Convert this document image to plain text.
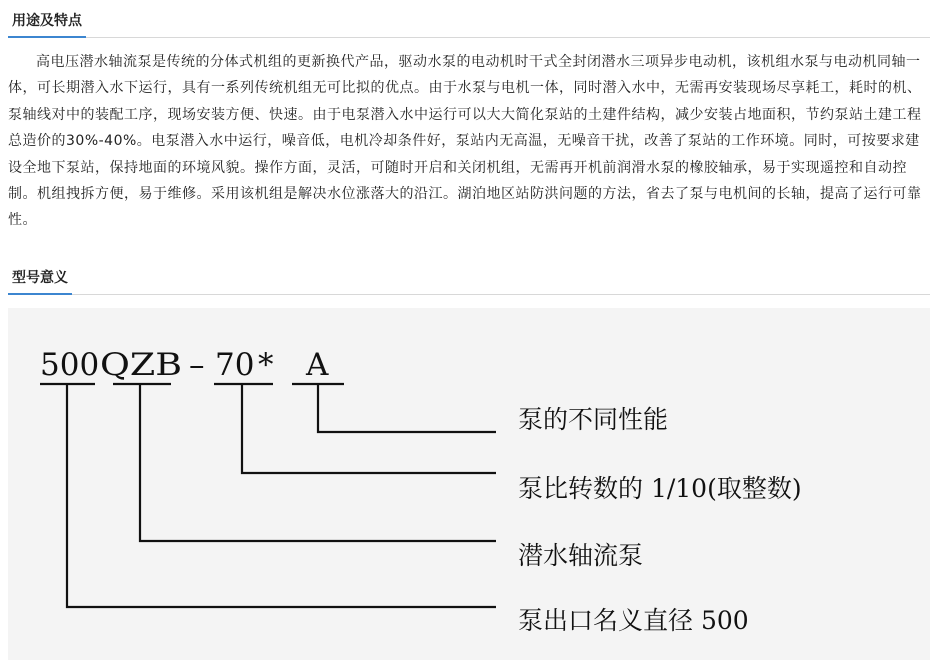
用途及特点

高电压潜水轴流泵是传统的分体式机组的更新换代产品，驱动水泵的电动机时干式全封闭潜水三项异步电动机，该机组水泵与电动机同轴一体，可长期潜入水下运行，具有一系列传统机组无可比拟的优点。由于水泵与电机一体，同时潜入水中，无需再安装现场尽享耗工，耗时的机、泵轴线对中的装配工序，现场安装方便、快速。由于电泵潜入水中运行可以大大简化泵站的土建件结构，减少安装占地面积，节约泵站土建工程总造价的30%-40%。电泵潜入水中运行，噪音低，电机冷却条件好，泵站内无高温，无噪音干扰，改善了泵站的工作环境。同时，可按要求建设全地下泵站，保持地面的环境风貌。操作方面，灵活，可随时开启和关闭机组，无需再开机前润滑水泵的橡胶轴承，易于实现遥控和自动控制。机组拽拆方便，易于维修。采用该机组是解决水位涨落大的沿江。湖泊地区站防洪问题的方法，省去了泵与电机间的长轴，提高了运行可靠性。

型号意义
500 QZB – 70 * A
泵的不同性能
泵比转数的 1/10(取整数)
潜水轴流泵
泵出口名义直径 500
